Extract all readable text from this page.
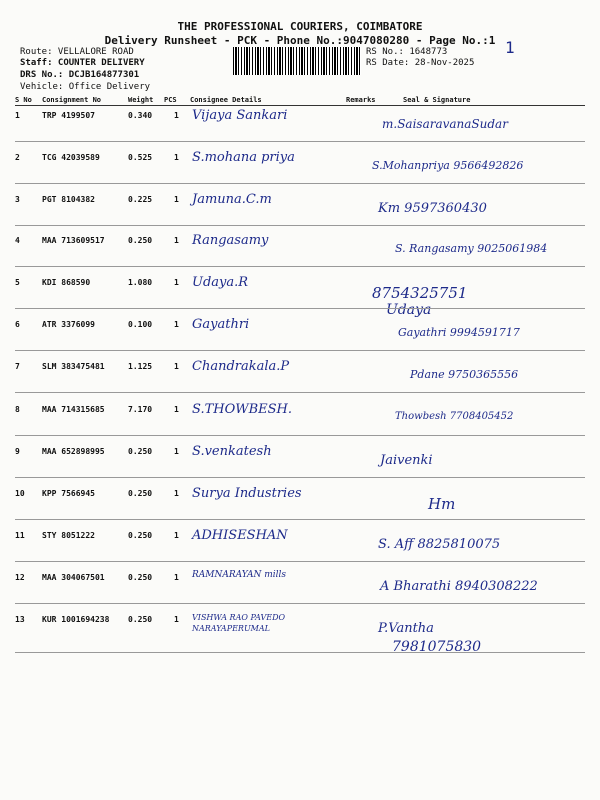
THE PROFESSIONAL COURIERS, COIMBATORE
Delivery Runsheet - PCK - Phone No.:9047080280 - Page No.:1 1
Route: VELLALORE ROAD
Staff: COUNTER DELIVERY
DRS No.: DCJB164877301
Vehicle: Office Delivery
RS No.: 1648773
RS Date: 28-Nov-2025
S No Consignment No	Weight PCS Consignee Details	Remarks	Seal & Signature
1	TRP 4199507	0.340	1 Vijaya Sankari
m.SaisaravanaSudar
2	TCG 42039589	0.525	1 S.mohana priya
S.Mohanpriya 9566492826
3	PGT 8104382	0.225	1 Jamuna.C.m
Km 9597360430
4	MAA 713609517	0.250	1 Rangasamy
S. Rangasamy 9025061984
5	KDI 868590	1.080	1 Udaya.R
8754325751
Udaya
6	ATR 3376099	0.100	1 Gayathri
Gayathri 9994591717
7	SLM 383475481	1.125	1 Chandrakala.P
Pdane 9750365556
8	MAA 714315685	7.170	1 S.THOWBESH.	Thowbesh 7708405452
9	MAA 652898995	0.250	1 S.venkatesh
Jaivenki
10 KPP 7566945	0.250	1 Surya Industries
Hm
11 STY 8051222	0.250	1 ADHISESHAN
S. Aff 8825810075
12 MAA 304067501	0.250	1 RAMNARAYAN mills
A Bharathi 8940308222
13 KUR 1001694238 0.250	1 VISHWA RAO PAVEDO NARAYAPERUMAL	P.Vantha
7981075830
